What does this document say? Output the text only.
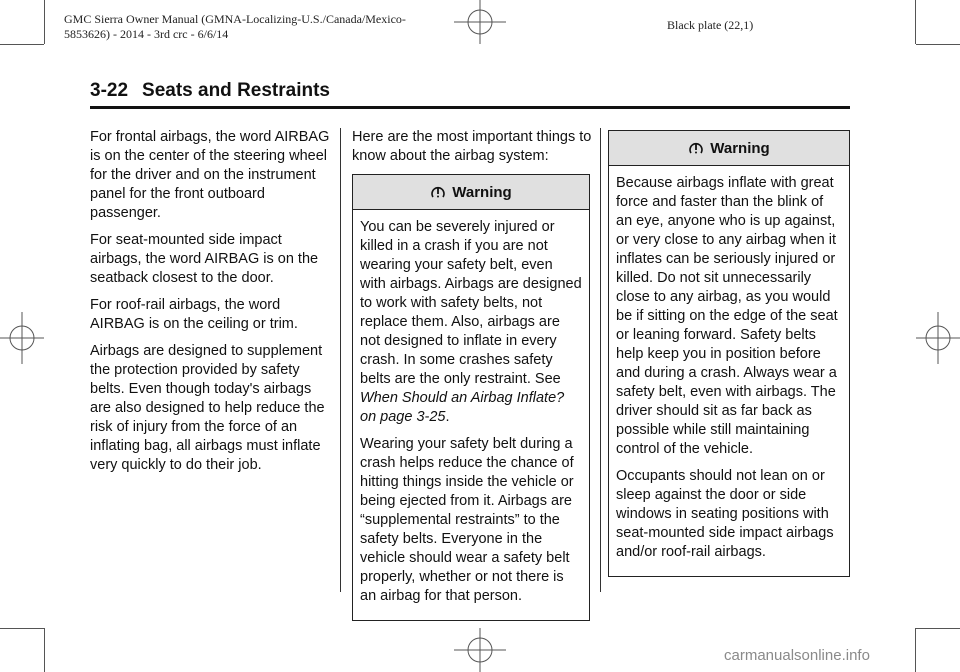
GMC Sierra Owner Manual (GMNA-Localizing-U.S./Canada/Mexico-
5853626) - 2014 - 3rd crc - 6/6/14
Black plate (22,1)
3-22 Seats and Restraints

For frontal airbags, the word AIRBAG is on the center of the steering wheel for the driver and on the instrument panel for the front outboard passenger.

For seat-mounted side impact airbags, the word AIRBAG is on the seatback closest to the door.

For roof-rail airbags, the word AIRBAG is on the ceiling or trim.

Airbags are designed to supplement the protection provided by safety belts. Even though today's airbags are also designed to help reduce the risk of injury from the force of an inflating bag, all airbags must inflate very quickly to do their job.

Here are the most important things to know about the airbag system:

Warning

You can be severely injured or killed in a crash if you are not wearing your safety belt, even with airbags. Airbags are designed to work with safety belts, not replace them. Also, airbags are not designed to inflate in every crash. In some crashes safety belts are the only restraint. See When Should an Airbag Inflate? on page 3-25.

Wearing your safety belt during a crash helps reduce the chance of hitting things inside the vehicle or being ejected from it. Airbags are “supplemental restraints” to the safety belts. Everyone in the vehicle should wear a safety belt properly, whether or not there is an airbag for that person.

Warning

Because airbags inflate with great force and faster than the blink of an eye, anyone who is up against, or very close to any airbag when it inflates can be seriously injured or killed. Do not sit unnecessarily close to any airbag, as you would be if sitting on the edge of the seat or leaning forward. Safety belts help keep you in position before and during a crash. Always wear a safety belt, even with airbags. The driver should sit as far back as possible while still maintaining control of the vehicle.

Occupants should not lean on or sleep against the door or side windows in seating positions with seat-mounted side impact airbags and/or roof-rail airbags.

carmanualsonline.info
